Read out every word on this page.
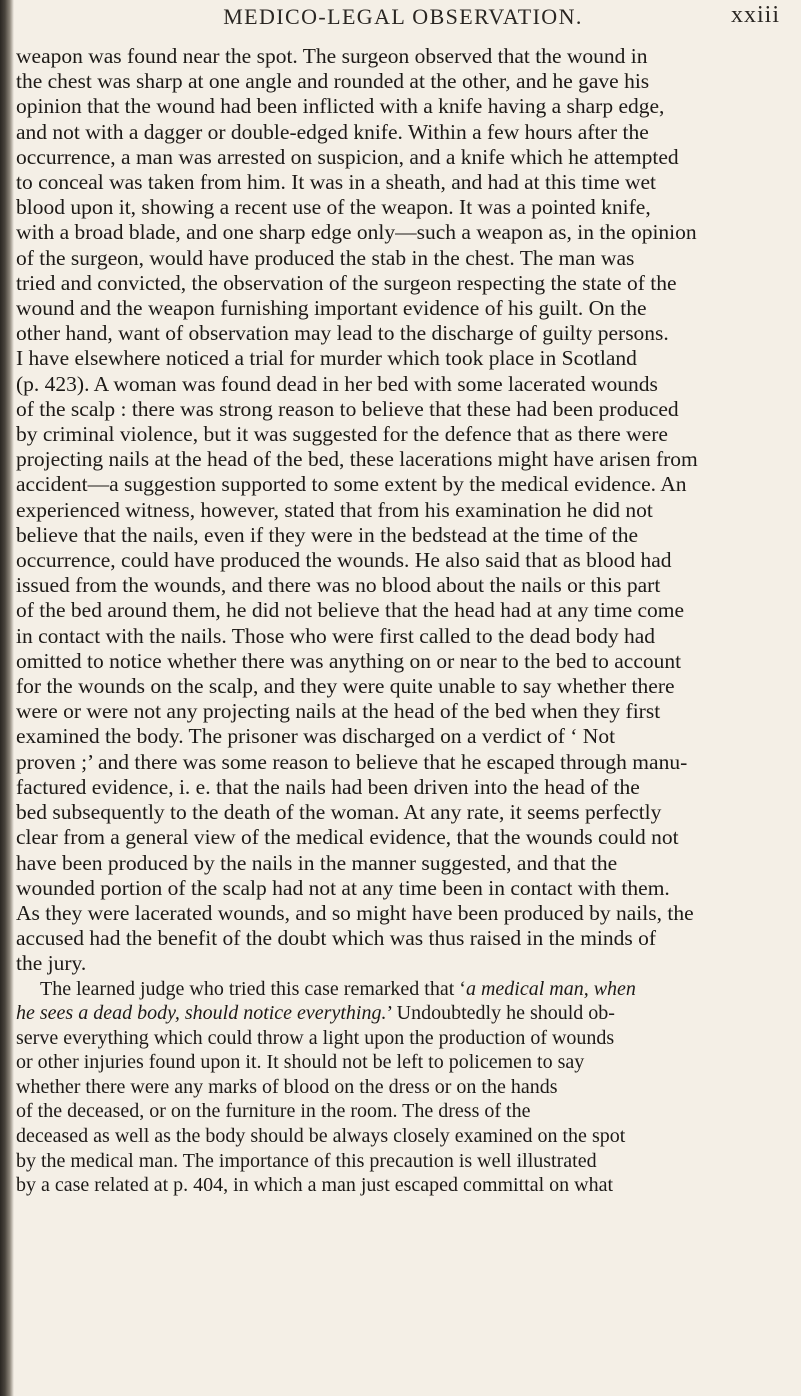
MEDICO-LEGAL OBSERVATION.	xxiii
weapon was found near the spot. The surgeon observed that the wound in
the chest was sharp at one angle and rounded at the other, and he gave his
opinion that the wound had been inflicted with a knife having a sharp edge,
and not with a dagger or double-edged knife. Within a few hours after the
occurrence, a man was arrested on suspicion, and a knife which he attempted
to conceal was taken from him. It was in a sheath, and had at this time wet
blood upon it, showing a recent use of the weapon. It was a pointed knife,
with a broad blade, and one sharp edge only—such a weapon as, in the opinion
of the surgeon, would have produced the stab in the chest. The man was
tried and convicted, the observation of the surgeon respecting the state of the
wound and the weapon furnishing important evidence of his guilt. On the
other hand, want of observation may lead to the discharge of guilty persons.
I have elsewhere noticed a trial for murder which took place in Scotland
(p. 423). A woman was found dead in her bed with some lacerated wounds
of the scalp : there was strong reason to believe that these had been produced
by criminal violence, but it was suggested for the defence that as there were
projecting nails at the head of the bed, these lacerations might have arisen from
accident—a suggestion supported to some extent by the medical evidence. An
experienced witness, however, stated that from his examination he did not
believe that the nails, even if they were in the bedstead at the time of the
occurrence, could have produced the wounds. He also said that as blood had
issued from the wounds, and there was no blood about the nails or this part
of the bed around them, he did not believe that the head had at any time come
in contact with the nails. Those who were first called to the dead body had
omitted to notice whether there was anything on or near to the bed to account
for the wounds on the scalp, and they were quite unable to say whether there
were or were not any projecting nails at the head of the bed when they first
examined the body. The prisoner was discharged on a verdict of ‘ Not
proven ;’ and there was some reason to believe that he escaped through manu-
factured evidence, i. e. that the nails had been driven into the head of the
bed subsequently to the death of the woman. At any rate, it seems perfectly
clear from a general view of the medical evidence, that the wounds could not
have been produced by the nails in the manner suggested, and that the
wounded portion of the scalp had not at any time been in contact with them.
As they were lacerated wounds, and so might have been produced by nails, the
accused had the benefit of the doubt which was thus raised in the minds of
the jury.
The learned judge who tried this case remarked that ‘a medical man, when
he sees a dead body, should notice everything.’ Undoubtedly he should ob-
serve everything which could throw a light upon the production of wounds
or other injuries found upon it. It should not be left to policemen to say
whether there were any marks of blood on the dress or on the hands
of the deceased, or on the furniture in the room. The dress of the
deceased as well as the body should be always closely examined on the spot
by the medical man. The importance of this precaution is well illustrated
by a case related at p. 404, in which a man just escaped committal on what
